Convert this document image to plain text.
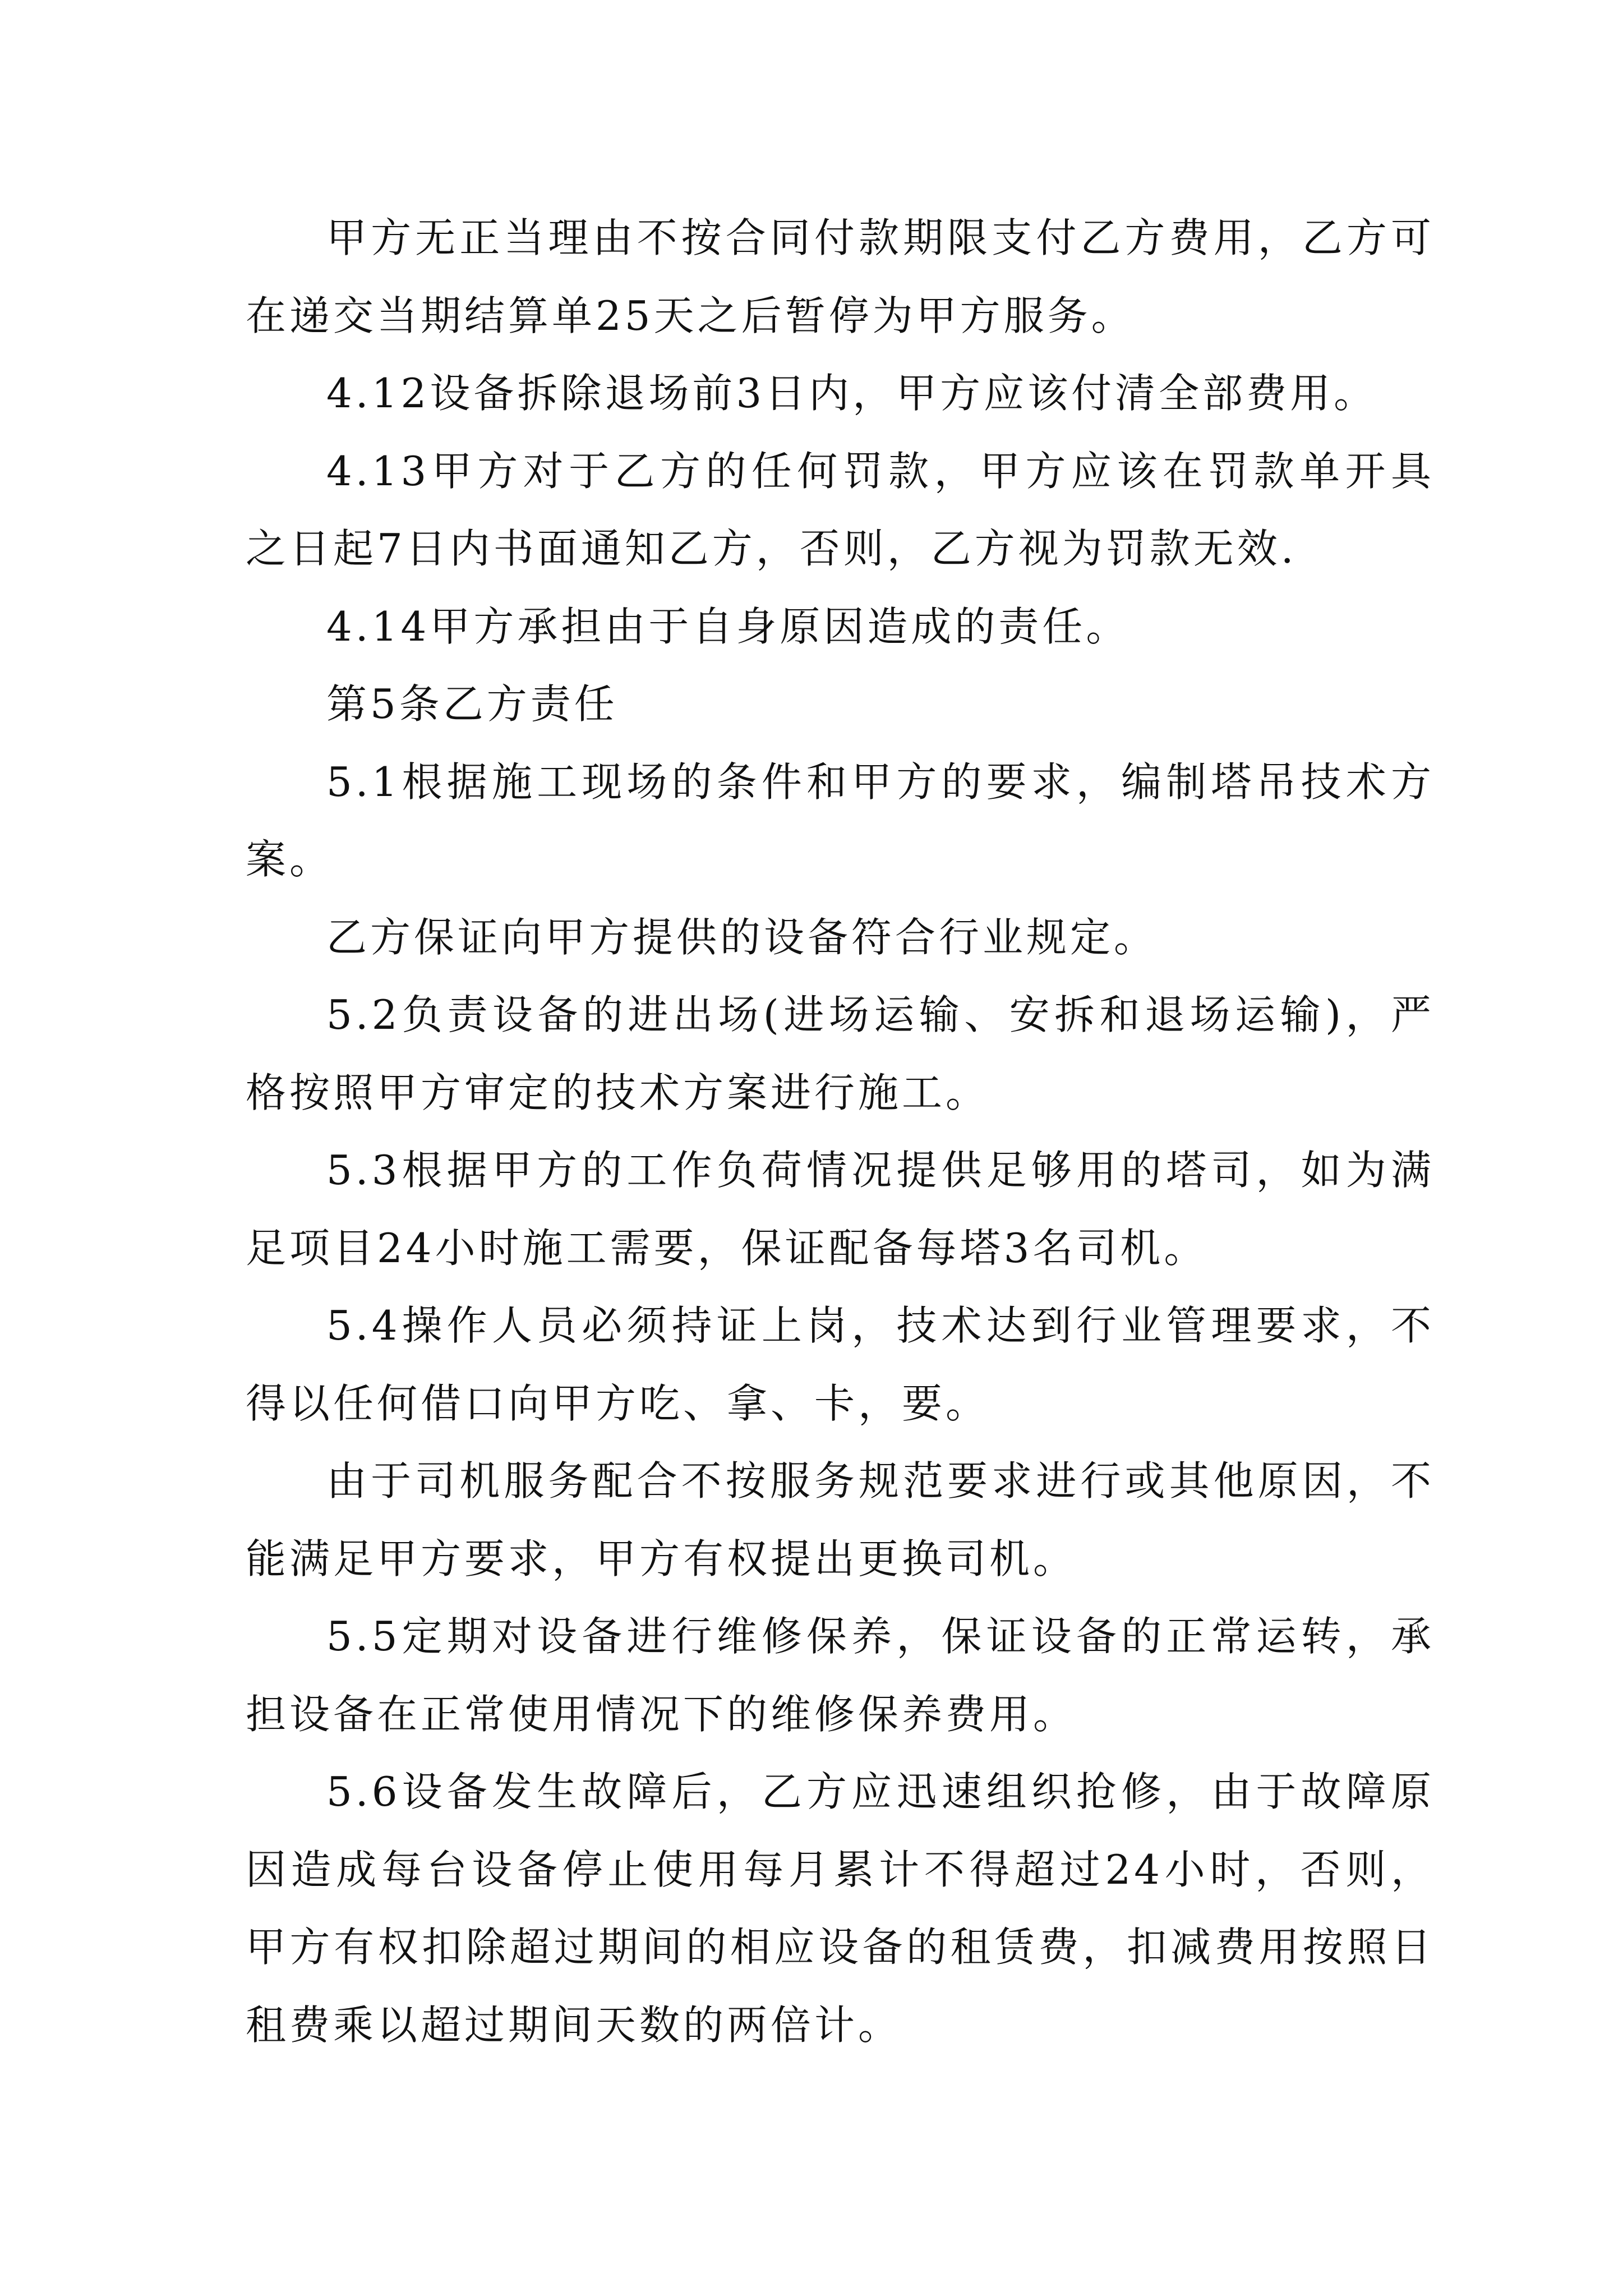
甲方无正当理由不按合同付款期限支付乙方费用，乙方可在递交当期结算单25天之后暂停为甲方服务。

4.12设备拆除退场前3日内，甲方应该付清全部费用。

4.13甲方对于乙方的任何罚款，甲方应该在罚款单开具之日起7日内书面通知乙方，否则，乙方视为罚款无效.

4.14甲方承担由于自身原因造成的责任。

第5条乙方责任

5.1根据施工现场的条件和甲方的要求，编制塔吊技术方案。

乙方保证向甲方提供的设备符合行业规定。

5.2负责设备的进出场(进场运输、安拆和退场运输)，严格按照甲方审定的技术方案进行施工。

5.3根据甲方的工作负荷情况提供足够用的塔司，如为满足项目24小时施工需要，保证配备每塔3名司机。

5.4操作人员必须持证上岗，技术达到行业管理要求，不得以任何借口向甲方吃、拿、卡，要。

由于司机服务配合不按服务规范要求进行或其他原因，不能满足甲方要求，甲方有权提出更换司机。

5.5定期对设备进行维修保养，保证设备的正常运转，承担设备在正常使用情况下的维修保养费用。

5.6设备发生故障后，乙方应迅速组织抢修，由于故障原因造成每台设备停止使用每月累计不得超过24小时，否则，甲方有权扣除超过期间的相应设备的租赁费，扣减费用按照日租费乘以超过期间天数的两倍计。
